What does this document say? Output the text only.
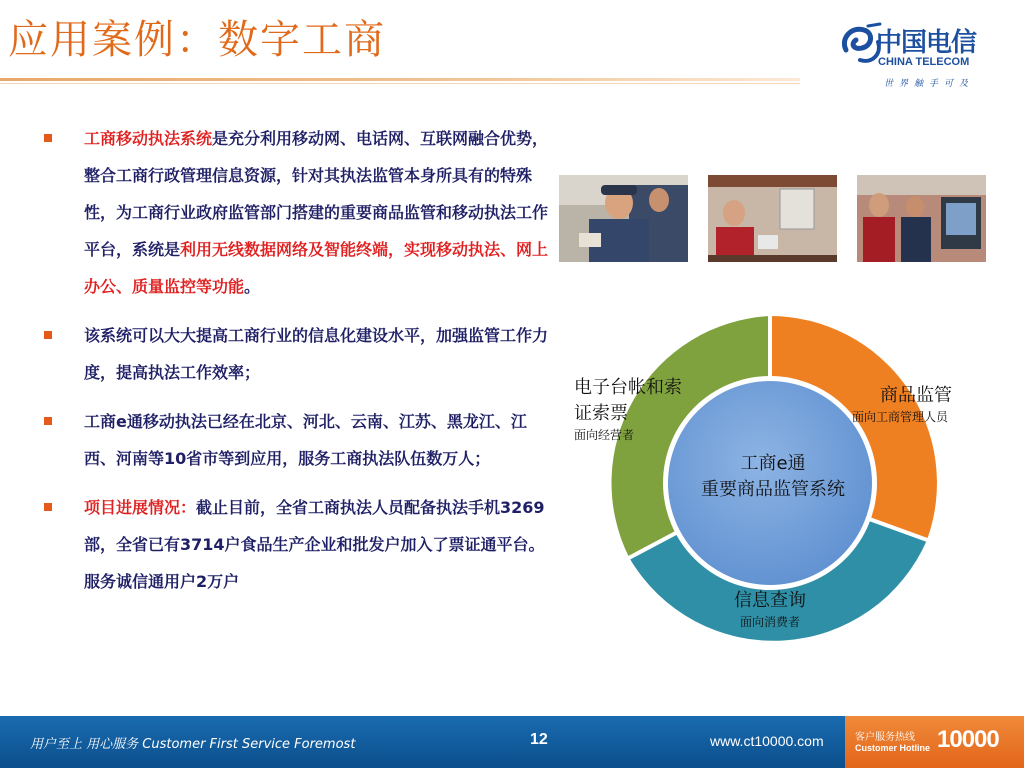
应用案例：数字工商	中国电信
CHINA TELECOM
世界触手可及
工商移动执法系统是充分利用移动网、电话网、互联网融合优势，整合工商行政管理信息资源，针对其执法监管本身所具有的特殊性，为工商行业政府监管部门搭建的重要商品监管和移动执法工作平台，系统是利用无线数据网络及智能终端，实现移动执法、网上办公、质量监控等功能。
该系统可以大大提高工商行业的信息化建设水平，加强监管工作力度，提高执法工作效率；
工商e通移动执法已经在北京、河北、云南、江苏、黑龙江、江西、河南等10省市等到应用，服务工商执法队伍数万人；
项目进展情况：截止目前，全省工商执法人员配备执法手机3269部，全省已有3714户食品生产企业和批发户加入了票证通平台。服务诚信通用户2万户
工商e通
重要商品监管系统
商品监管
面向工商管理人员
信息查询
面向消费者
电子台帐和索证索票
面向经营者
用户至上 用心服务 Customer First Service Foremost	12	www.ct10000.com	客户服务热线
Customer Hotline 10000
